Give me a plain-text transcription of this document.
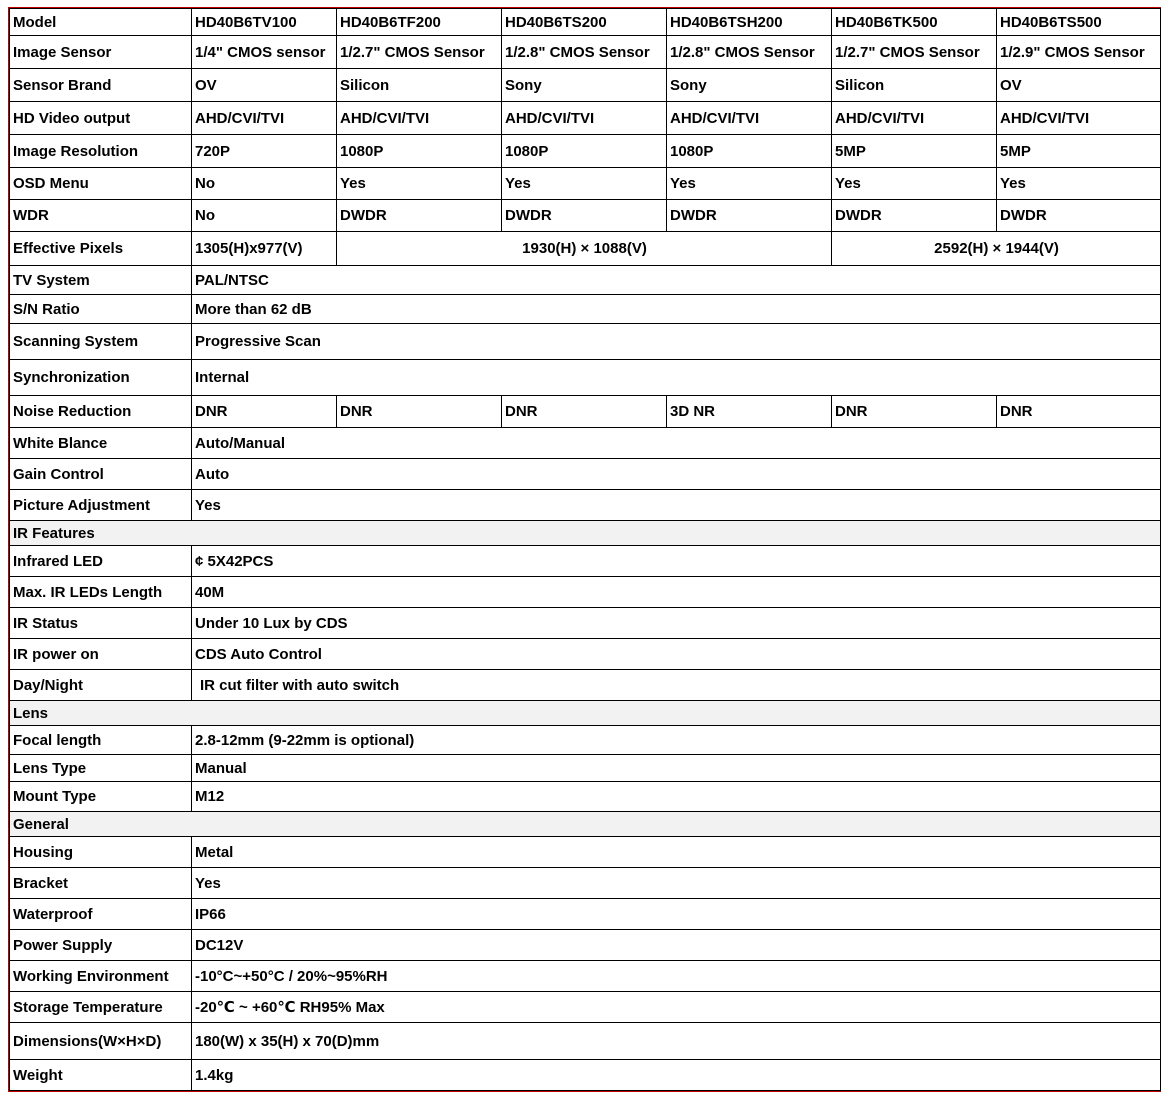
Model	HD40B6TV100	HD40B6TF200	HD40B6TS200	HD40B6TSH200	HD40B6TK500	HD40B6TS500
Image Sensor	1/4" CMOS sensor	1/2.7" CMOS Sensor	1/2.8" CMOS Sensor	1/2.8" CMOS Sensor	1/2.7" CMOS Sensor	1/2.9" CMOS Sensor
Sensor Brand	OV	Silicon	Sony	Sony	Silicon	OV
HD Video output	AHD/CVI/TVI	AHD/CVI/TVI	AHD/CVI/TVI	AHD/CVI/TVI	AHD/CVI/TVI	AHD/CVI/TVI
Image Resolution	720P	1080P	1080P	1080P	5MP	5MP
OSD Menu	No	Yes	Yes	Yes	Yes	Yes
WDR	No	DWDR	DWDR	DWDR	DWDR	DWDR
Effective Pixels	1305(H)x977(V)	1930(H) × 1088(V)			2592(H) × 1944(V)	
TV System	PAL/NTSC					
S/N Ratio	More than 62 dB					
Scanning System	Progressive Scan					
Synchronization	Internal					
Noise Reduction	DNR	DNR	DNR	3D NR	DNR	DNR
White Blance	Auto/Manual					
Gain Control	Auto					
Picture Adjustment	Yes					
IR Features						
Infrared LED	¢ 5X42PCS					
Max. IR LEDs Length	40M					
IR Status	Under 10 Lux by CDS					
IR power on	CDS Auto Control					
Day/Night	IR cut filter with auto switch					
Lens						
Focal length	2.8-12mm (9-22mm is optional)					
Lens Type	Manual					
Mount Type	M12					
General						
Housing	Metal					
Bracket	Yes					
Waterproof	IP66					
Power Supply	DC12V					
Working Environment	-10°C~+50°C / 20%~95%RH					
Storage Temperature	-20℃ ~ +60℃ RH95% Max					
Dimensions(W×H×D)	180(W) x 35(H) x 70(D)mm					
Weight	1.4kg					
